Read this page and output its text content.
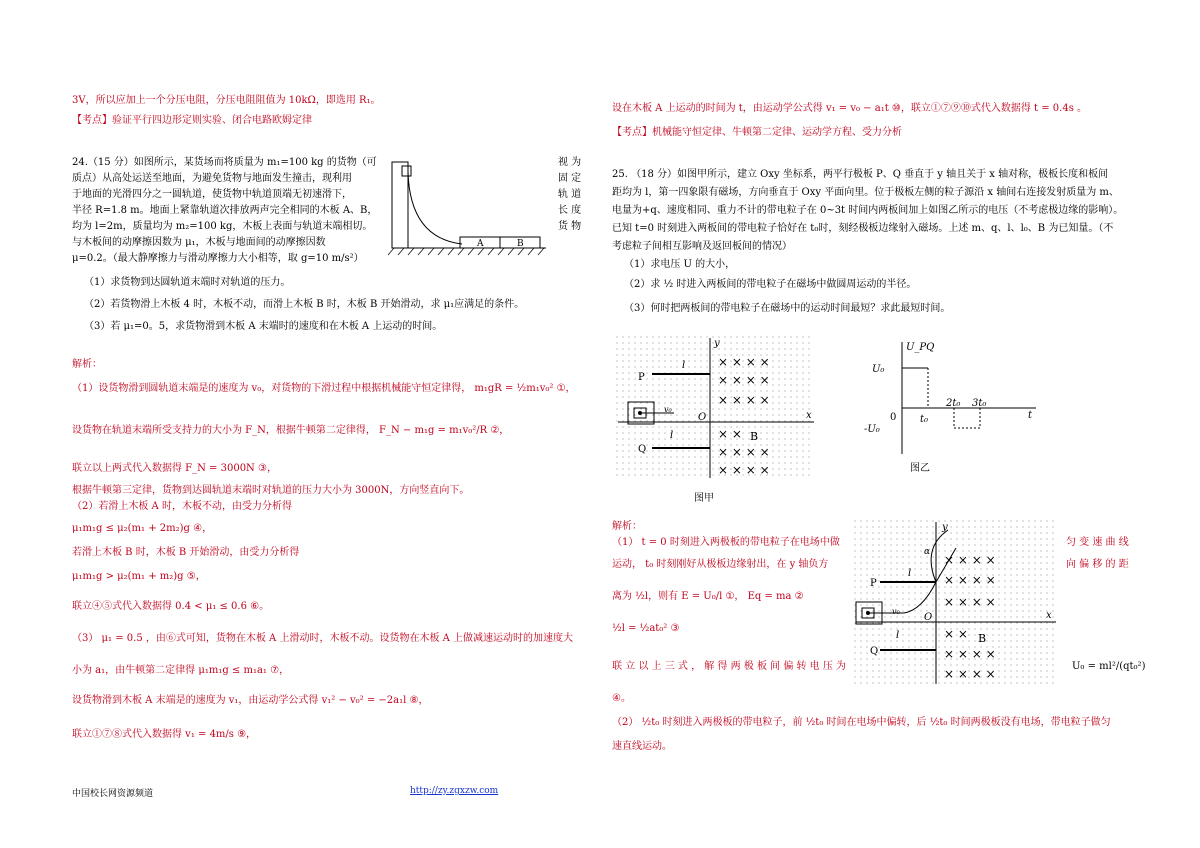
3V，所以应加上一个分压电阻，分压电阻阻值为 10kΩ，即选用 R₁。
【考点】验证平行四边形定则实验、闭合电路欧姆定律
24.（15 分）如图所示，某货场而将质量为 m₁=100 kg 的货物（可
质点）从高处运送至地面，为避免货物与地面发生撞击，现利用
于地面的光滑四分之一圆轨道，使货物中轨道顶端无初速滑下，
半径 R=1.8 m。地面上紧靠轨道次排放两声完全相同的木板 A、B，
均为 l=2m，质量均为 m₂=100 kg，木板上表面与轨道末端相切。
与木板间的动摩擦因数为 μ₁，木板与地面间的动摩擦因数
μ=0.2。（最大静摩擦力与滑动摩擦力大小相等，取 g=10 m/s²）
视 为
固 定
轨 道
长 度
货 物
A	B
（1）求货物到达圆轨道末端时对轨道的压力。
（2）若货物滑上木板 4 时，木板不动，而滑上木板 B 时，木板 B 开始滑动，求 μ₁应满足的条件。
（3）若 μ₁=0。5，求货物滑到木板 A 末端时的速度和在木板 A 上运动的时间。
解析：
（1）设货物滑到圆轨道末端是的速度为 v₀，对货物的下滑过程中根据机械能守恒定律得， m₁gR = ½m₁v₀² ①，
设货物在轨道末端所受支持力的大小为 F_N，根据牛顿第二定律得， F_N − m₁g = m₁v₀²/R ②，
联立以上两式代入数据得 F_N = 3000N ③，
根据牛顿第三定律，货物到达圆轨道末端时对轨道的压力大小为 3000N，方向竖直向下。
（2）若滑上木板 A 时，木板不动，由受力分析得
μ₁m₁g ≤ μ₂(m₁ + 2m₂)g ④，
若滑上木板 B 时，木板 B 开始滑动，由受力分析得
μ₁m₁g > μ₂(m₁ + m₂)g ⑤，
联立④⑤式代入数据得 0.4 < μ₁ ≤ 0.6 ⑥。
（3） μ₁ = 0.5 ，由⑥式可知，货物在木板 A 上滑动时，木板不动。设货物在木板 A 上做减速运动时的加速度大
小为 a₁，由牛顿第二定律得 μ₁m₁g ≤ m₁a₁ ⑦，
设货物滑到木板 A 末端是的速度为 v₁，由运动学公式得 v₁² − v₀² = −2a₁l ⑧，
联立①⑦⑧式代入数据得 v₁ = 4m/s ⑨，
设在木板 A 上运动的时间为 t，由运动学公式得 v₁ = v₀ − a₁t ⑩，联立①⑦⑨⑩式代入数据得 t = 0.4s 。
【考点】机械能守恒定律、牛顿第二定律、运动学方程、受力分析
25. （18 分）如图甲所示，建立 Oxy 坐标系，两平行极板 P、Q 垂直于 y 轴且关于 x 轴对称，极板长度和板间
距均为 l，第一四象限有磁场，方向垂直于 Oxy 平面向里。位于极板左侧的粒子源沿 x 轴间右连接发射质量为 m、
电量为+q、速度相同、重力不计的带电粒子在 0~3t 时间内两板间加上如图乙所示的电压（不考虑极边缘的影响）。
已知 t=0 时刻进入两板间的带电粒子恰好在 t₀时，刻经极板边缘射入磁场。上述 m、q、l、l₀、B 为已知量。（不
考虑粒子间相互影响及返回板间的情况）
（1）求电压 U 的大小，
（2）求 ½ 时进入两板间的带电粒子在磁场中做圆周运动的半径。
（3）何时把两板间的带电粒子在磁场中的运动时间最短？求此最短时间。
y
x
P
Q
O
l
l
v₀
B
× × × ×
× × × ×
× × × ×
× ×
× × × ×
× × × ×
图甲
U_PQ
t
U₀
-U₀
0 t₀
2t₀ 3t₀
图乙
解析：
（1） t = 0 时刻进入两极板的带电粒子在电场中做	匀 变 速 曲 线
运动， t₀ 时刻刚好从极板边缘射出，在 y 轴负方	向 偏 移 的 距
离为 ½l，则有 E = U₀/l ①， Eq = ma ②
½l = ½at₀² ③
联 立 以 上 三 式 ， 解 得 两 极 板 间 偏 转 电 压 为	U₀ = ml²/(qt₀²)
④。
（2） ½t₀ 时刻进入两极板的带电粒子，前 ½t₀ 时间在电场中偏转，后 ½t₀ 时间两极板没有电场，带电粒子做匀
速直线运动。
y
x
P
Q
O
l
l
v₀
α
B
× × × ×
× × × ×
× × × ×
× ×
× × × ×
× × × ×
中国校长网资源频道	http://zy.zgxzw.com
